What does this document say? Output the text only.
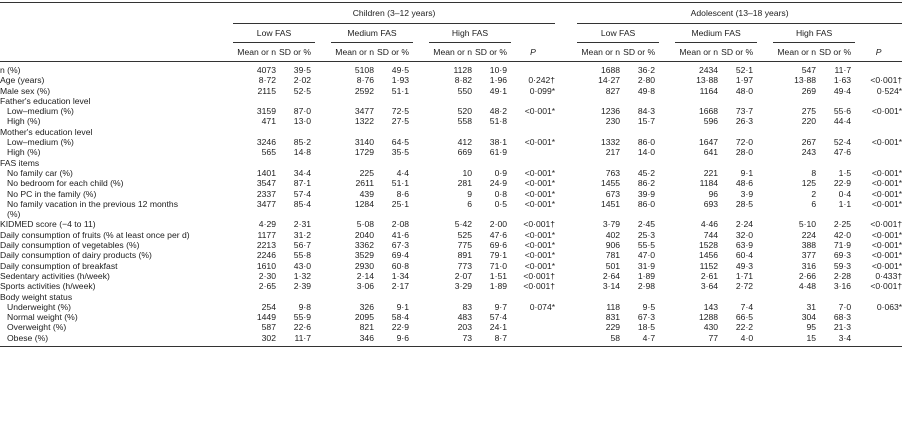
	Children (3–12 years)										Adolescent (13–18 years)								
	Low FAS			Medium FAS			High FAS				Low FAS			Medium FAS			High FAS		
	Mean or n	SD or %		Mean or n	SD or %		Mean or n	SD or %	P		Mean or n	SD or %		Mean or n	SD or %		Mean or n	SD or %	P
n (%)	4073	39·5		5108	49·5		1128	10·9			1688	36·2		2434	52·1		547	11·7	
Age (years)	8·72	2·02		8·76	1·93		8·82	1·96	0·242†		14·27	2·80		13·88	1·97		13·88	1·63	<0·001†
Male sex (%)	2115	52·5		2592	51·1		550	49·1	0·099*		827	49·8		1164	48·0		269	49·4	0·524*
Father's education level																			
Low–medium (%)	3159	87·0		3477	72·5		520	48·2	<0·001*		1236	84·3		1668	73·7		275	55·6	<0·001*
High (%)	471	13·0		1322	27·5		558	51·8			230	15·7		596	26·3		220	44·4	
Mother's education level																			
Low–medium (%)	3246	85·2		3140	64·5		412	38·1	<0·001*		1332	86·0		1647	72·0		267	52·4	<0·001*
High (%)	565	14·8		1729	35·5		669	61·9			217	14·0		641	28·0		243	47·6	
FAS items																			
No family car (%)	1401	34·4		225	4·4		10	0·9	<0·001*		763	45·2		221	9·1		8	1·5	<0·001*
No bedroom for each child (%)	3547	87·1		2611	51·1		281	24·9	<0·001*		1455	86·2		1184	48·6		125	22·9	<0·001*
No PC in the family (%)	2337	57·4		439	8·6		9	0·8	<0·001*		673	39·9		96	3·9		2	0·4	<0·001*
No family vacation in the previous 12 months	3477	85·4		1284	25·1		6	0·5	<0·001*		1451	86·0		693	28·5		6	1·1	<0·001*
(%)																			
KIDMED score (−4 to 11)	4·29	2·31		5·08	2·08		5·42	2·00	<0·001†		3·79	2·45		4·46	2·24		5·10	2·25	<0·001†
Daily consumption of fruits (% at least once per d)	1177	31·2		2040	41·6		525	47·6	<0·001*		402	25·3		744	32·0		224	42·0	<0·001*
Daily consumption of vegetables (%)	2213	56·7		3362	67·3		775	69·6	<0·001*		906	55·5		1528	63·9		388	71·9	<0·001*
Daily consumption of dairy products (%)	2246	55·8		3529	69·4		891	79·1	<0·001*		781	47·0		1456	60·4		377	69·3	<0·001*
Daily consumption of breakfast	1610	43·0		2930	60·8		773	71·0	<0·001*		501	31·9		1152	49·3		316	59·3	<0·001*
Sedentary activities (h/week)	2·30	1·32		2·14	1·34		2·07	1·51	<0·001†		2·64	1·89		2·61	1·71		2·66	2·28	0·433†
Sports activities (h/week)	2·65	2·39		3·06	2·17		3·29	1·89	<0·001†		3·14	2·98		3·64	2·72		4·48	3·16	<0·001†
Body weight status																			
Underweight (%)	254	9·8		326	9·1		83	9·7	0·074*		118	9·5		143	7·4		31	7·0	0·063*
Normal weight (%)	1449	55·9		2095	58·4		483	57·4			831	67·3		1288	66·5		304	68·3	
Overweight (%)	587	22·6		821	22·9		203	24·1			229	18·5		430	22·2		95	21·3	
Obese (%)	302	11·7		346	9·6		73	8·7			58	4·7		77	4·0		15	3·4	
